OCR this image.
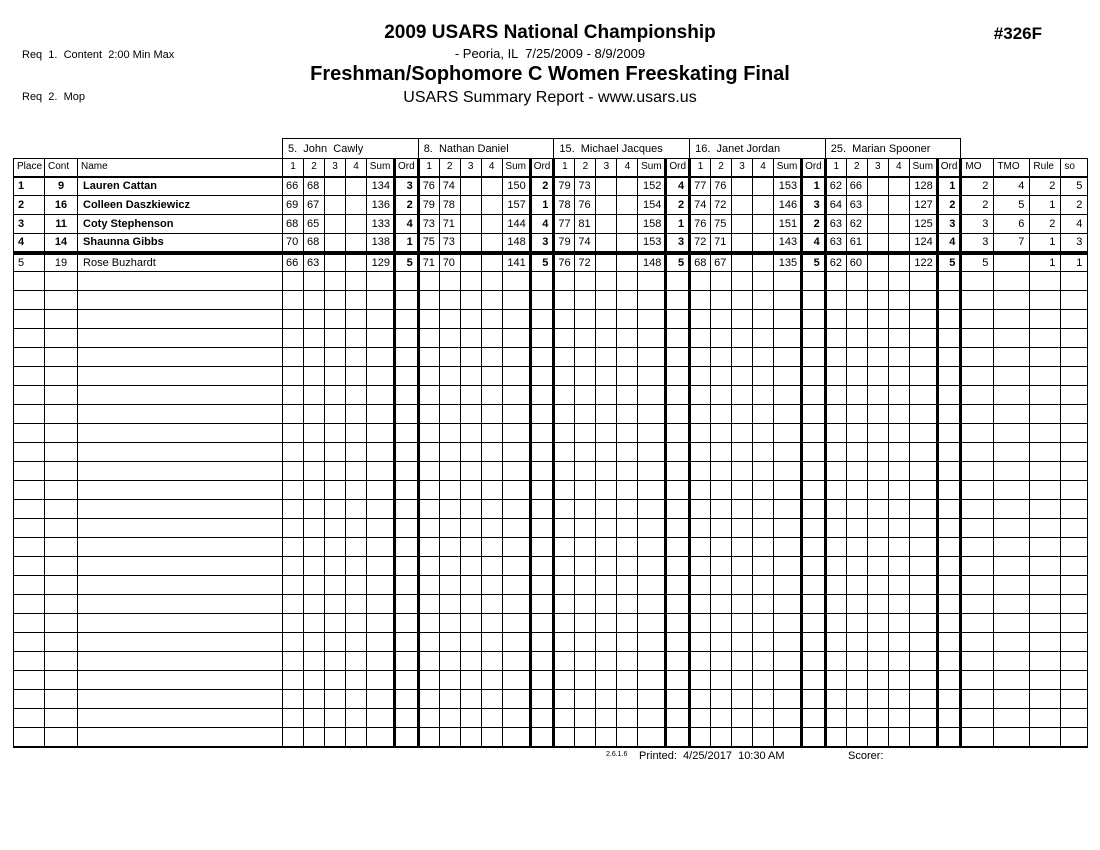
Req  1.  Content  2:00 Min Max

Req  2.  Mop

2009 USARS National Championship
- Peoria, IL  7/25/2009 - 8/9/2009
Freshman/Sophomore C Women Freeskating Final
USARS Summary Report - www.usars.us
#326F
			5.  John  Cawly						8.  Nathan Daniel						15.  Michael Jacques						16.  Janet Jordan						25.  Marian Spooner									
Place	Cont	Name	1	2	3	4	Sum	Ord	1	2	3	4	Sum	Ord	1	2	3	4	Sum	Ord	1	2	3	4	Sum	Ord	1	2	3	4	Sum	Ord	MO	TMO	Rule	so
1	9	Lauren Cattan	66	68			134	3	76	74			150	2	79	73			152	4	77	76			153	1	62	66			128	1	2	4	2	5
2	16	Colleen Daszkiewicz	69	67			136	2	79	78			157	1	78	76			154	2	74	72			146	3	64	63			127	2	2	5	1	2
3	11	Coty Stephenson	68	65			133	4	73	71			144	4	77	81			158	1	76	75			151	2	63	62			125	3	3	6	2	4
4	14	Shaunna Gibbs	70	68			138	1	75	73			148	3	79	74			153	3	72	71			143	4	63	61			124	4	3	7	1	3
5	19	Rose Buzhardt	66	63			129	5	71	70			141	5	76	72			148	5	68	67			135	5	62	60			122	5	5		1	1

2.6.1.6 Printed:  4/25/2017  10:30 AM	Scorer:
